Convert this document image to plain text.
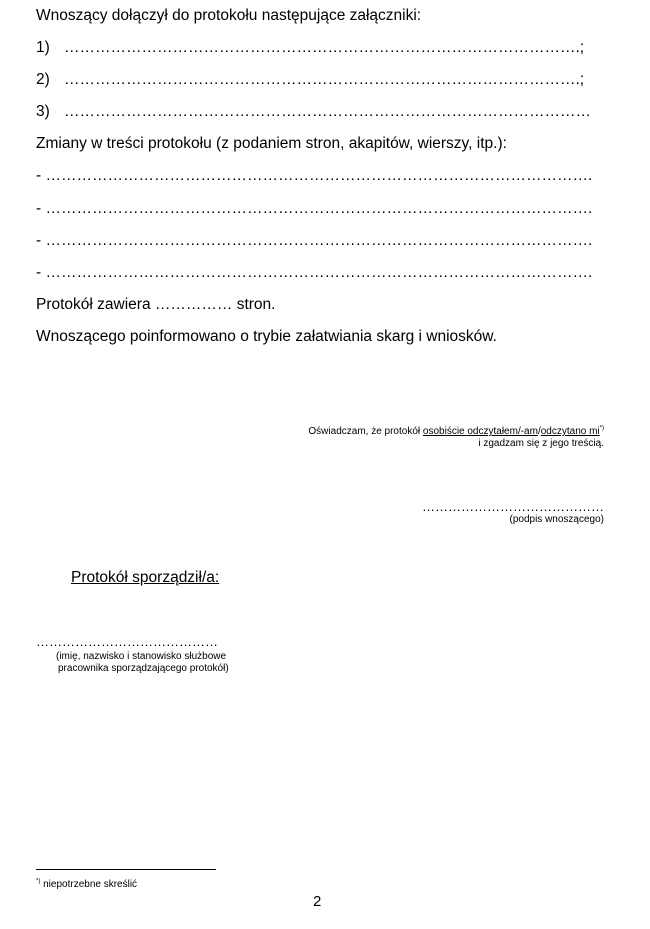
Wnoszący dołączył do protokołu następujące załączniki:
1) ……………………………………………………………………………………….;
2) ……………………………………………………………………………………….;
3) …………………………………………………………………………………………
Zmiany w treści protokołu (z podaniem stron, akapitów, wierszy, itp.):
- …………………………………………………………………………………………….
- …………………………………………………………………………………………….
- …………………………………………………………………………………………….
- …………………………………………………………………………………………….
Protokół zawiera …………… stron.
Wnoszącego poinformowano o trybie załatwiania skarg i wniosków.
Oświadczam, że protokół osobiście odczytałem/-am/odczytano mi*)
i zgadzam się z jego treścią.
……………………………………
(podpis wnoszącego)
Protokół sporządził/a:
……………………………………
(imię, nazwisko i stanowisko służbowe
pracownika sporządzającego protokół)
*) niepotrzebne skreślić
2
